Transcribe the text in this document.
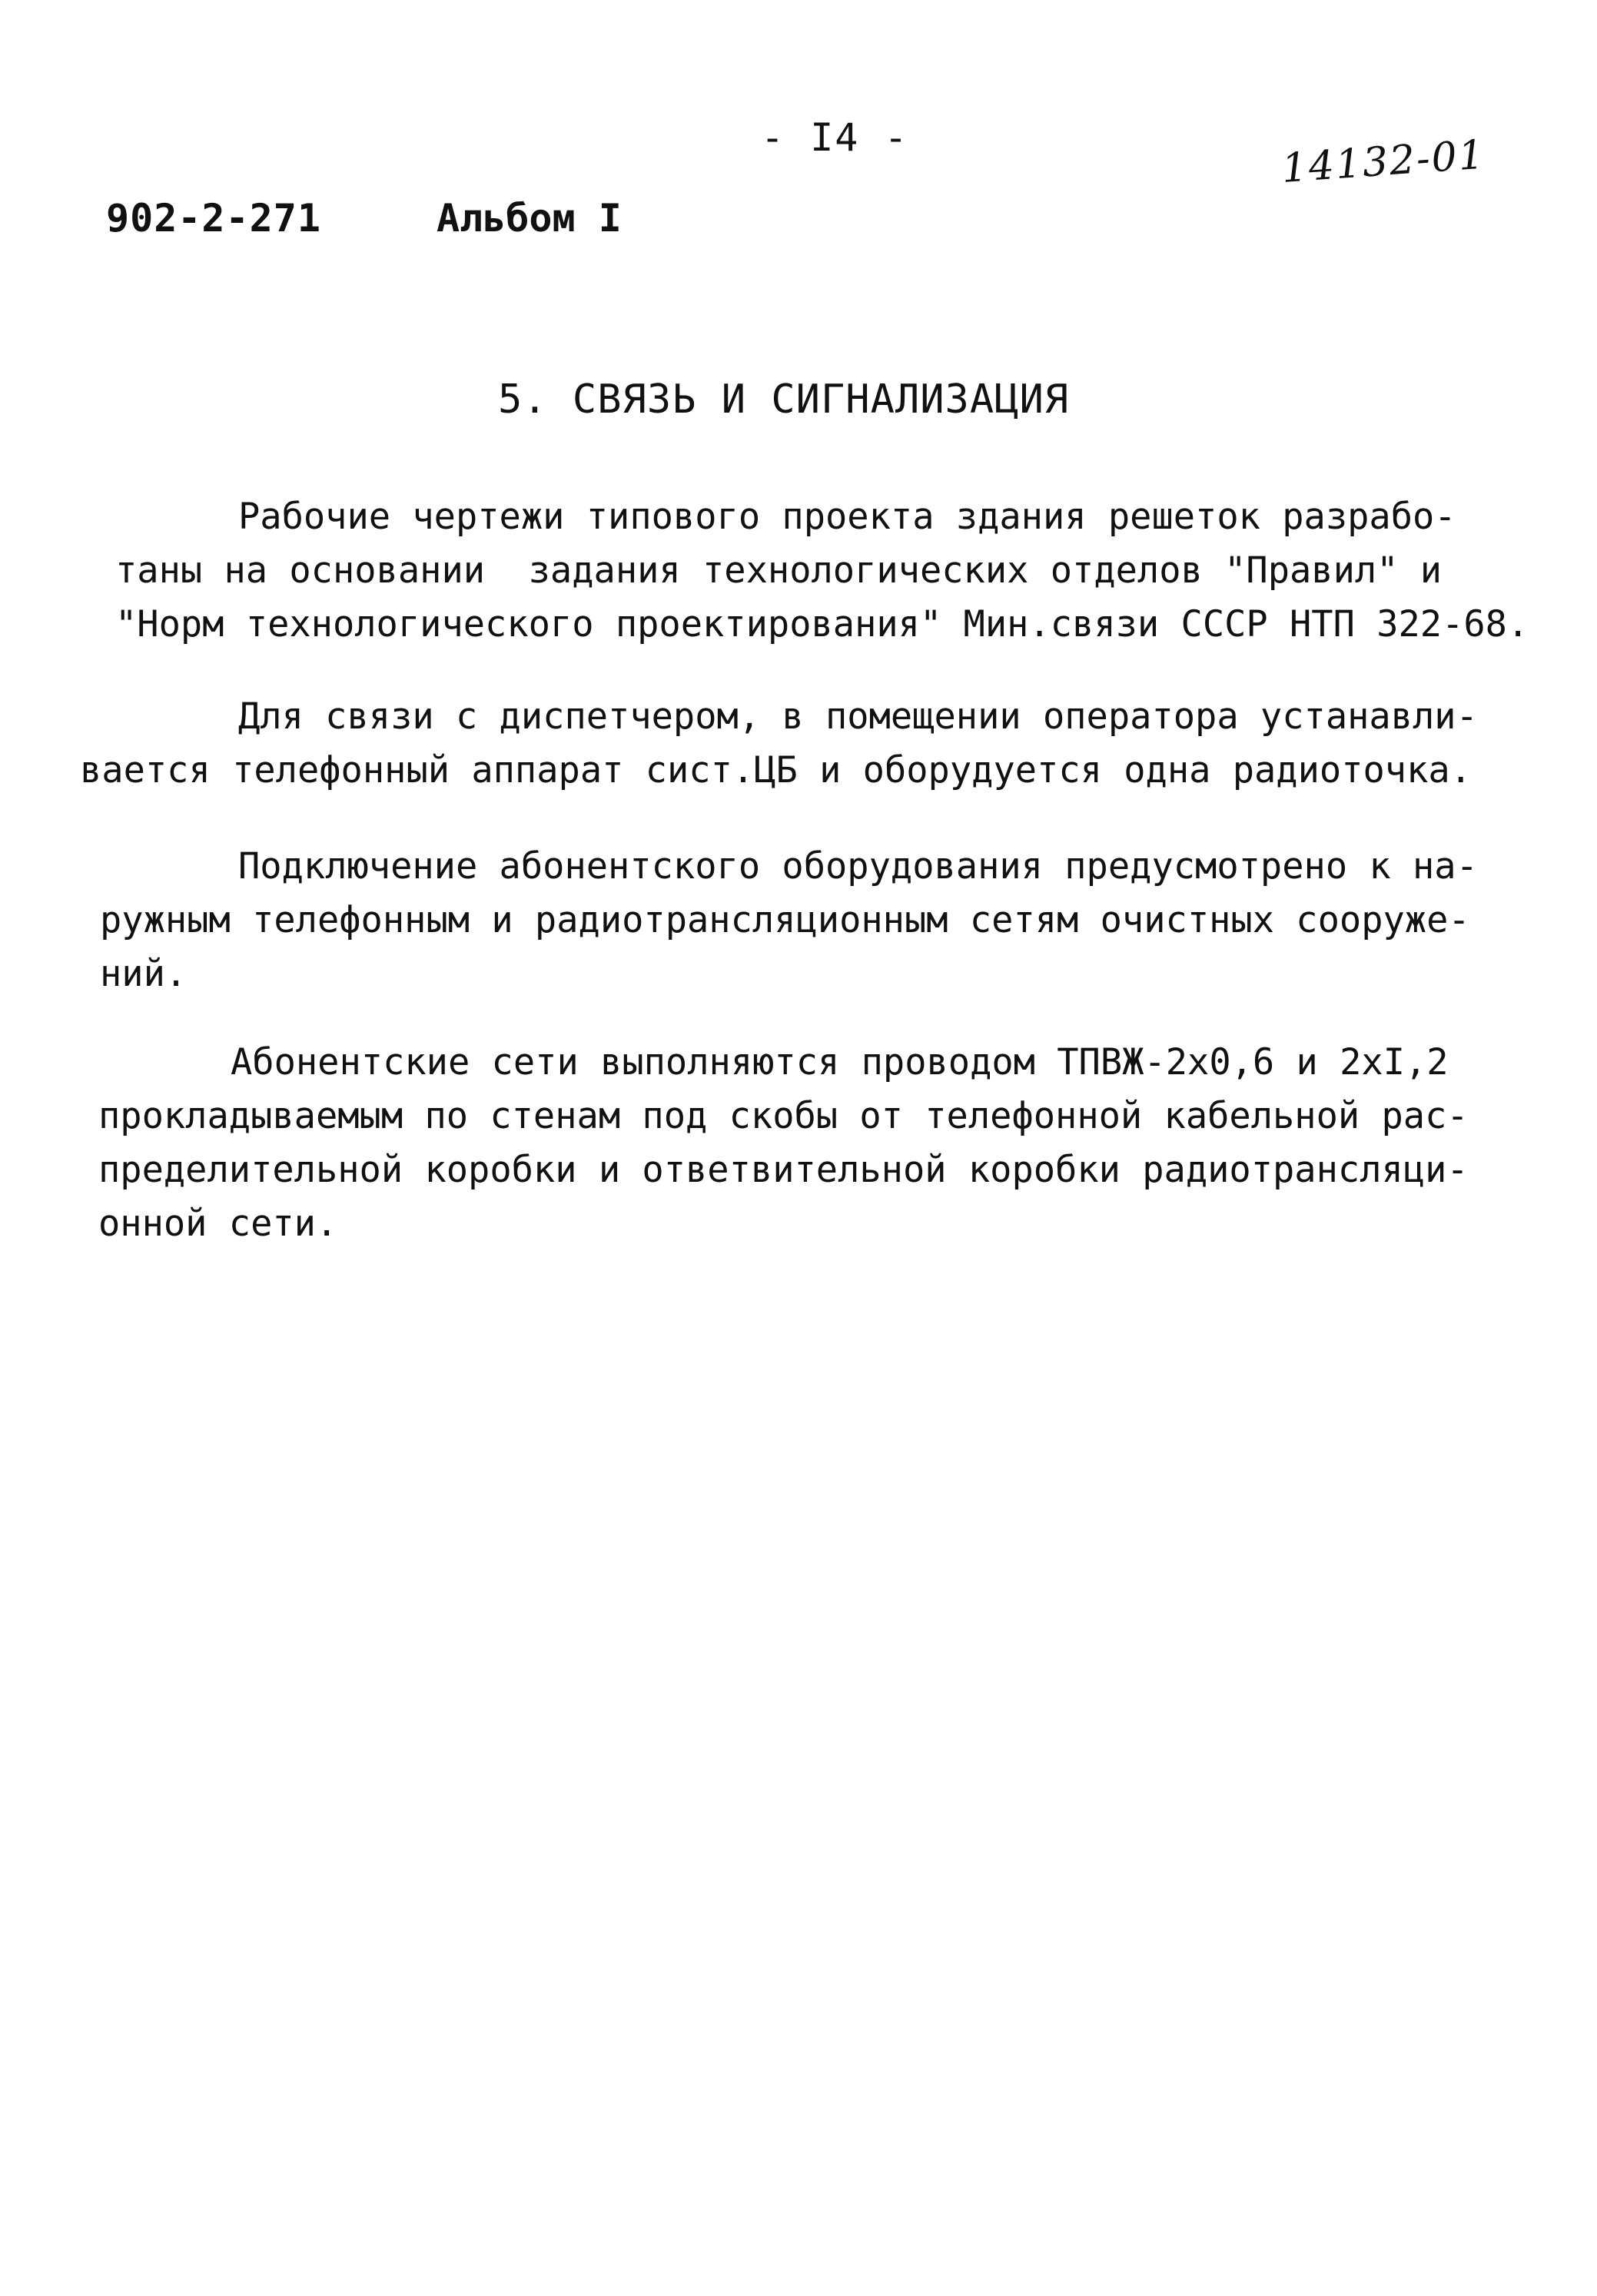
- I4 -
902-2-271	Альбом I
14132-01
5. СВЯЗЬ И СИГНАЛИЗАЦИЯ
Рабочие чертежи типового проекта здания решеток разрабо-
таны на основании  задания технологических отделов "Правил" и
"Норм технологического проектирования" Мин.связи СССР НТП 322-68.
Для связи с диспетчером, в помещении оператора устанавли-
вается телефонный аппарат сист.ЦБ и оборудуется одна радиоточка.
Подключение абонентского оборудования предусмотрено к на-
ружным телефонным и радиотрансляционным сетям очистных сооруже-
ний.
Абонентские сети выполняются проводом ТПВЖ-2х0,6 и 2хI,2
прокладываемым по стенам под скобы от телефонной кабельной рас-
пределительной коробки и ответвительной коробки радиотрансляци-
онной сети.
